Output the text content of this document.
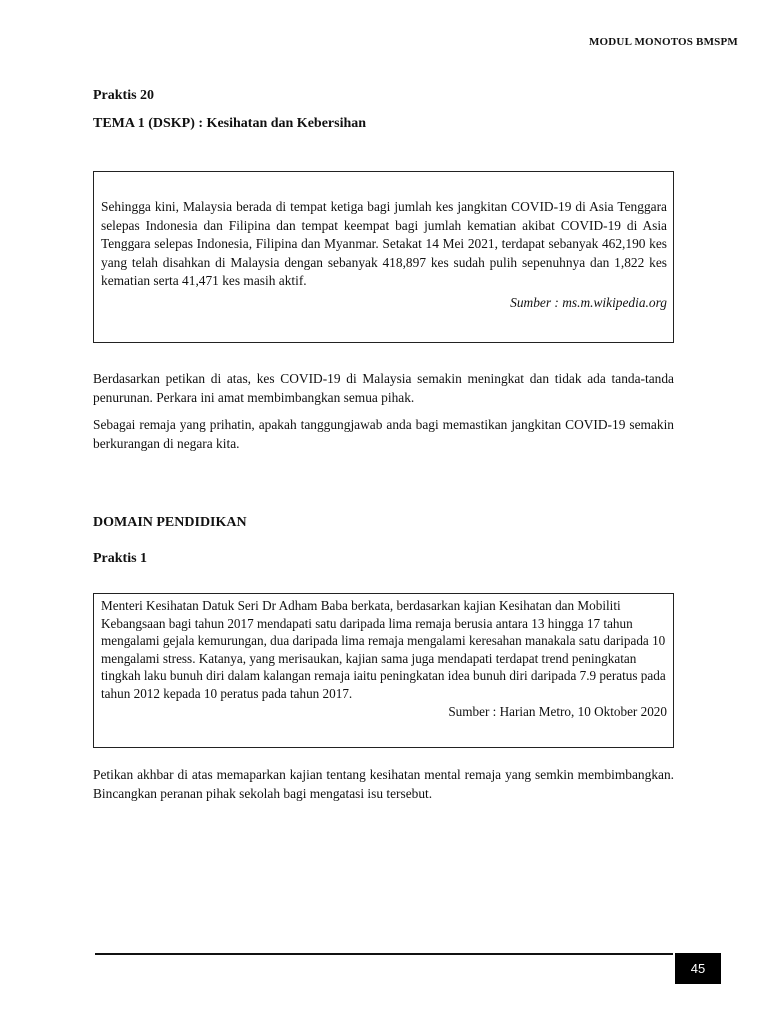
MODUL MONOTOS BMSPM
Praktis 20
TEMA 1 (DSKP) : Kesihatan dan Kebersihan

Sehingga kini, Malaysia berada di tempat ketiga bagi jumlah kes jangkitan COVID-19 di Asia Tenggara selepas Indonesia dan Filipina dan tempat keempat bagi jumlah kematian akibat COVID-19 di Asia Tenggara selepas Indonesia, Filipina dan Myanmar. Setakat 14 Mei 2021, terdapat sebanyak 462,190 kes yang telah disahkan di Malaysia dengan sebanyak 418,897 kes sudah pulih sepenuhnya dan 1,822 kes kematian serta 41,471 kes masih aktif.

Sumber : ms.m.wikipedia.org

Berdasarkan petikan di atas, kes COVID-19 di Malaysia semakin meningkat dan tidak ada tanda-tanda penurunan. Perkara ini amat membimbangkan semua pihak.

Sebagai remaja yang prihatin, apakah tanggungjawab anda bagi memastikan jangkitan COVID-19 semakin berkurangan di negara kita.

DOMAIN PENDIDIKAN
Praktis 1

Menteri Kesihatan Datuk Seri Dr Adham Baba berkata, berdasarkan kajian Kesihatan dan Mobiliti Kebangsaan bagi tahun 2017 mendapati satu daripada lima remaja berusia antara 13 hingga 17 tahun mengalami gejala kemurungan, dua daripada lima remaja mengalami keresahan manakala satu daripada 10 mengalami stress. Katanya, yang merisaukan, kajian sama juga mendapati terdapat trend peningkatan tingkah laku bunuh diri dalam kalangan remaja iaitu peningkatan idea bunuh diri daripada 7.9 peratus pada tahun 2012 kepada 10 peratus pada tahun 2017.

Sumber : Harian Metro, 10 Oktober 2020

Petikan akhbar di atas memaparkan kajian tentang kesihatan mental remaja yang semkin membimbangkan. Bincangkan peranan pihak sekolah bagi mengatasi isu tersebut.

45
